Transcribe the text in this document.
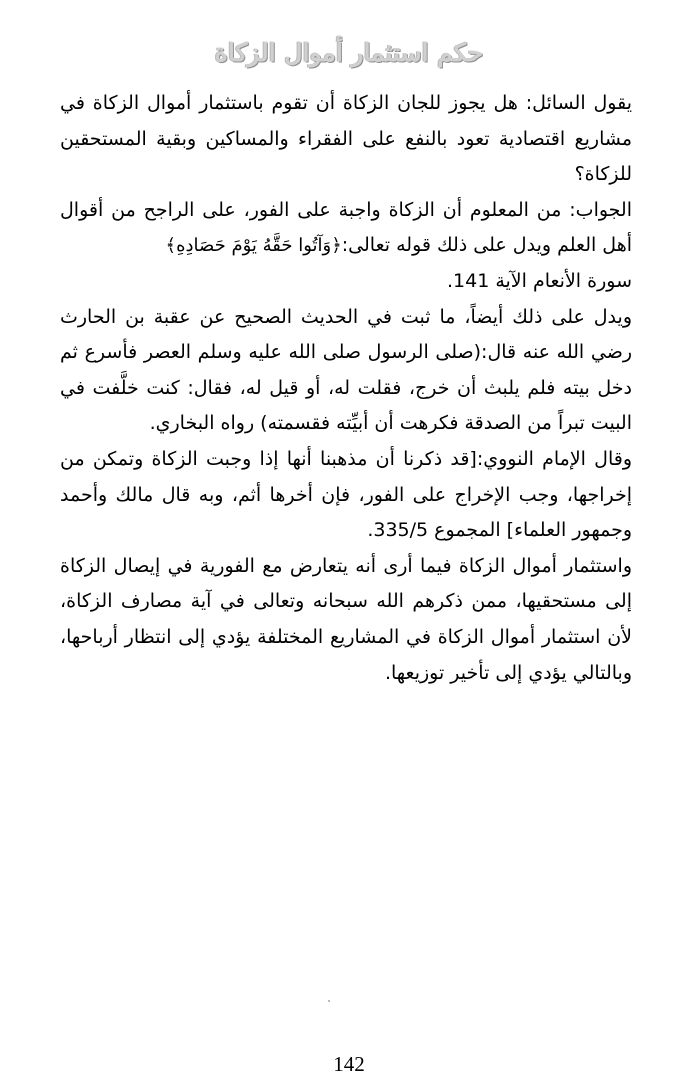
حكم استثمار أموال الزكاة

يقول السائل: هل يجوز للجان الزكاة أن تقوم باستثمار أموال الزكاة في مشاريع اقتصادية تعود بالنفع على الفقراء والمساكين وبقية المستحقين للزكاة؟

الجواب: من المعلوم أن الزكاة واجبة على الفور، على الراجح من أقوال أهل العلم ويدل على ذلك قوله تعالى:﴿وَآتُوا حَقَّهُ يَوْمَ حَصَادِهِ﴾

سورة الأنعام الآية 141.

ويدل على ذلك أيضاً، ما ثبت في الحديث الصحيح عن عقبة بن الحارث رضي الله عنه قال:(صلى الرسول صلى الله عليه وسلم العصر فأسرع ثم دخل بيته فلم يلبث أن خرج، فقلت له، أو قيل له، فقال: كنت خلَّفت في البيت تبراً من الصدقة فكرهت أن أبيِّته فقسمته) رواه البخاري.

وقال الإمام النووي:[قد ذكرنا أن مذهبنا أنها إذا وجبت الزكاة وتمكن من إخراجها، وجب الإخراج على الفور، فإن أخرها أثم، وبه قال مالك وأحمد وجمهور العلماء] المجموع 335/5.

واستثمار أموال الزكاة فيما أرى أنه يتعارض مع الفورية في إيصال الزكاة إلى مستحقيها، ممن ذكرهم الله سبحانه وتعالى في آية مصارف الزكاة، لأن استثمار أموال الزكاة في المشاريع المختلفة يؤدي إلى انتظار أرباحها، وبالتالي يؤدي إلى تأخير توزيعها.

142
